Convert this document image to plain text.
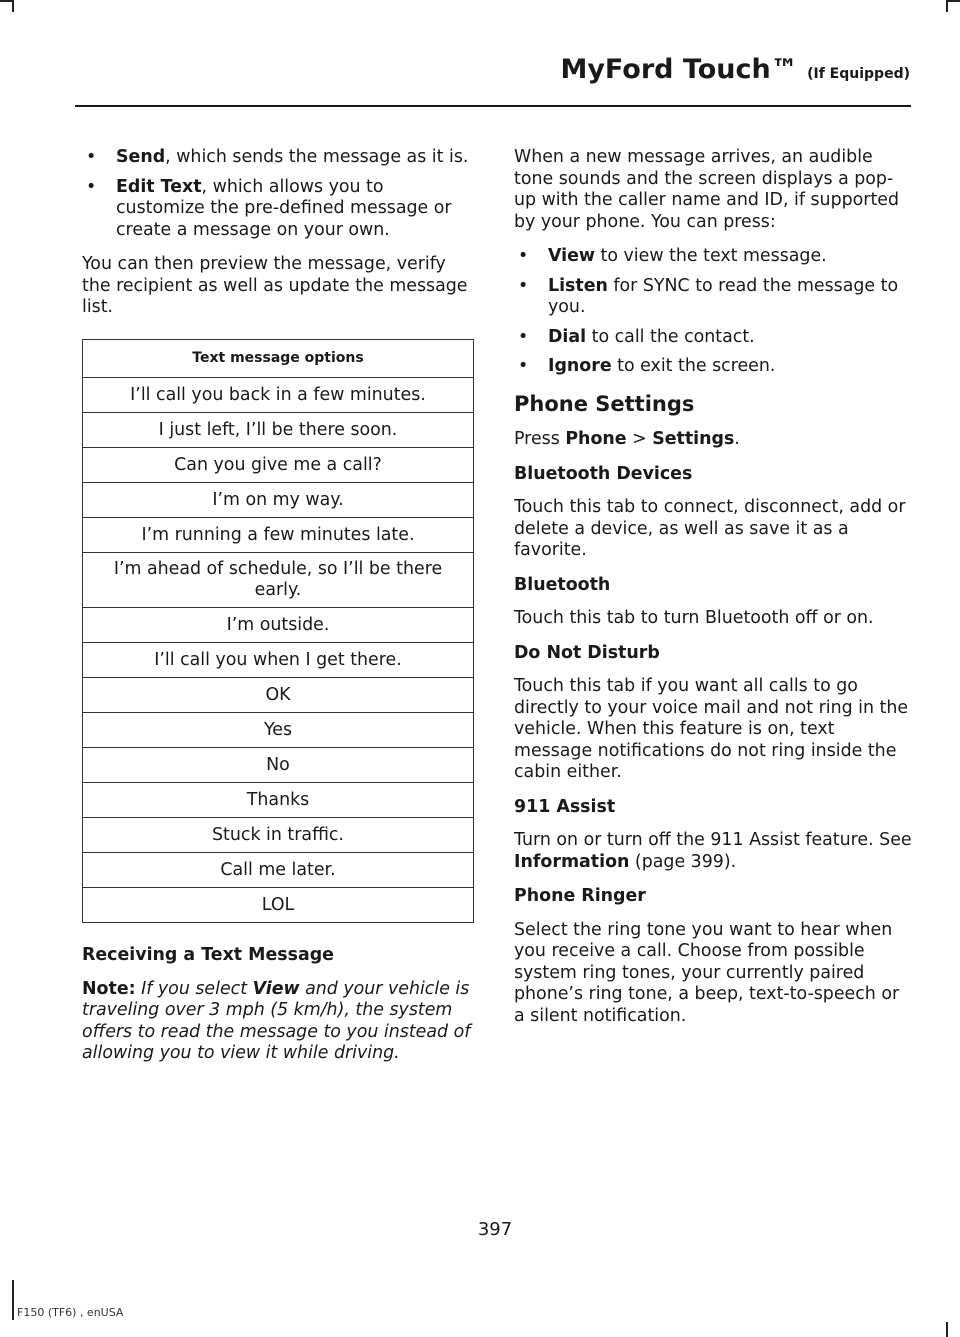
MyFord Touch™ (If Equipped)
• Send, which sends the message as it is.
• Edit Text, which allows you to customize the pre-defined message or create a message on your own.

You can then preview the message, verify the recipient as well as update the message list.

Text message options
I’ll call you back in a few minutes.
I just left, I’ll be there soon.
Can you give me a call?
I’m on my way.
I’m running a few minutes late.
I’m ahead of schedule, so I’ll be there early.
I’m outside.
I’ll call you when I get there.
OK
Yes
No
Thanks
Stuck in traffic.
Call me later.
LOL
Receiving a Text Message

Note: If you select View and your vehicle is traveling over 3 mph (5 km/h), the system offers to read the message to you instead of allowing you to view it while driving.

When a new message arrives, an audible tone sounds and the screen displays a pop-up with the caller name and ID, if supported by your phone. You can press:

• View to view the text message.
• Listen for SYNC to read the message to you.
• Dial to call the contact.
• Ignore to exit the screen.
Phone Settings

Press Phone > Settings.

Bluetooth Devices

Touch this tab to connect, disconnect, add or delete a device, as well as save it as a favorite.

Bluetooth

Touch this tab to turn Bluetooth off or on.

Do Not Disturb

Touch this tab if you want all calls to go directly to your voice mail and not ring in the vehicle. When this feature is on, text message notifications do not ring inside the cabin either.

911 Assist

Turn on or turn off the 911 Assist feature. See Information (page 399).

Phone Ringer

Select the ring tone you want to hear when you receive a call. Choose from possible system ring tones, your currently paired phone’s ring tone, a beep, text-to-speech or a silent notification.

397
F150 (TF6) , enUSA
